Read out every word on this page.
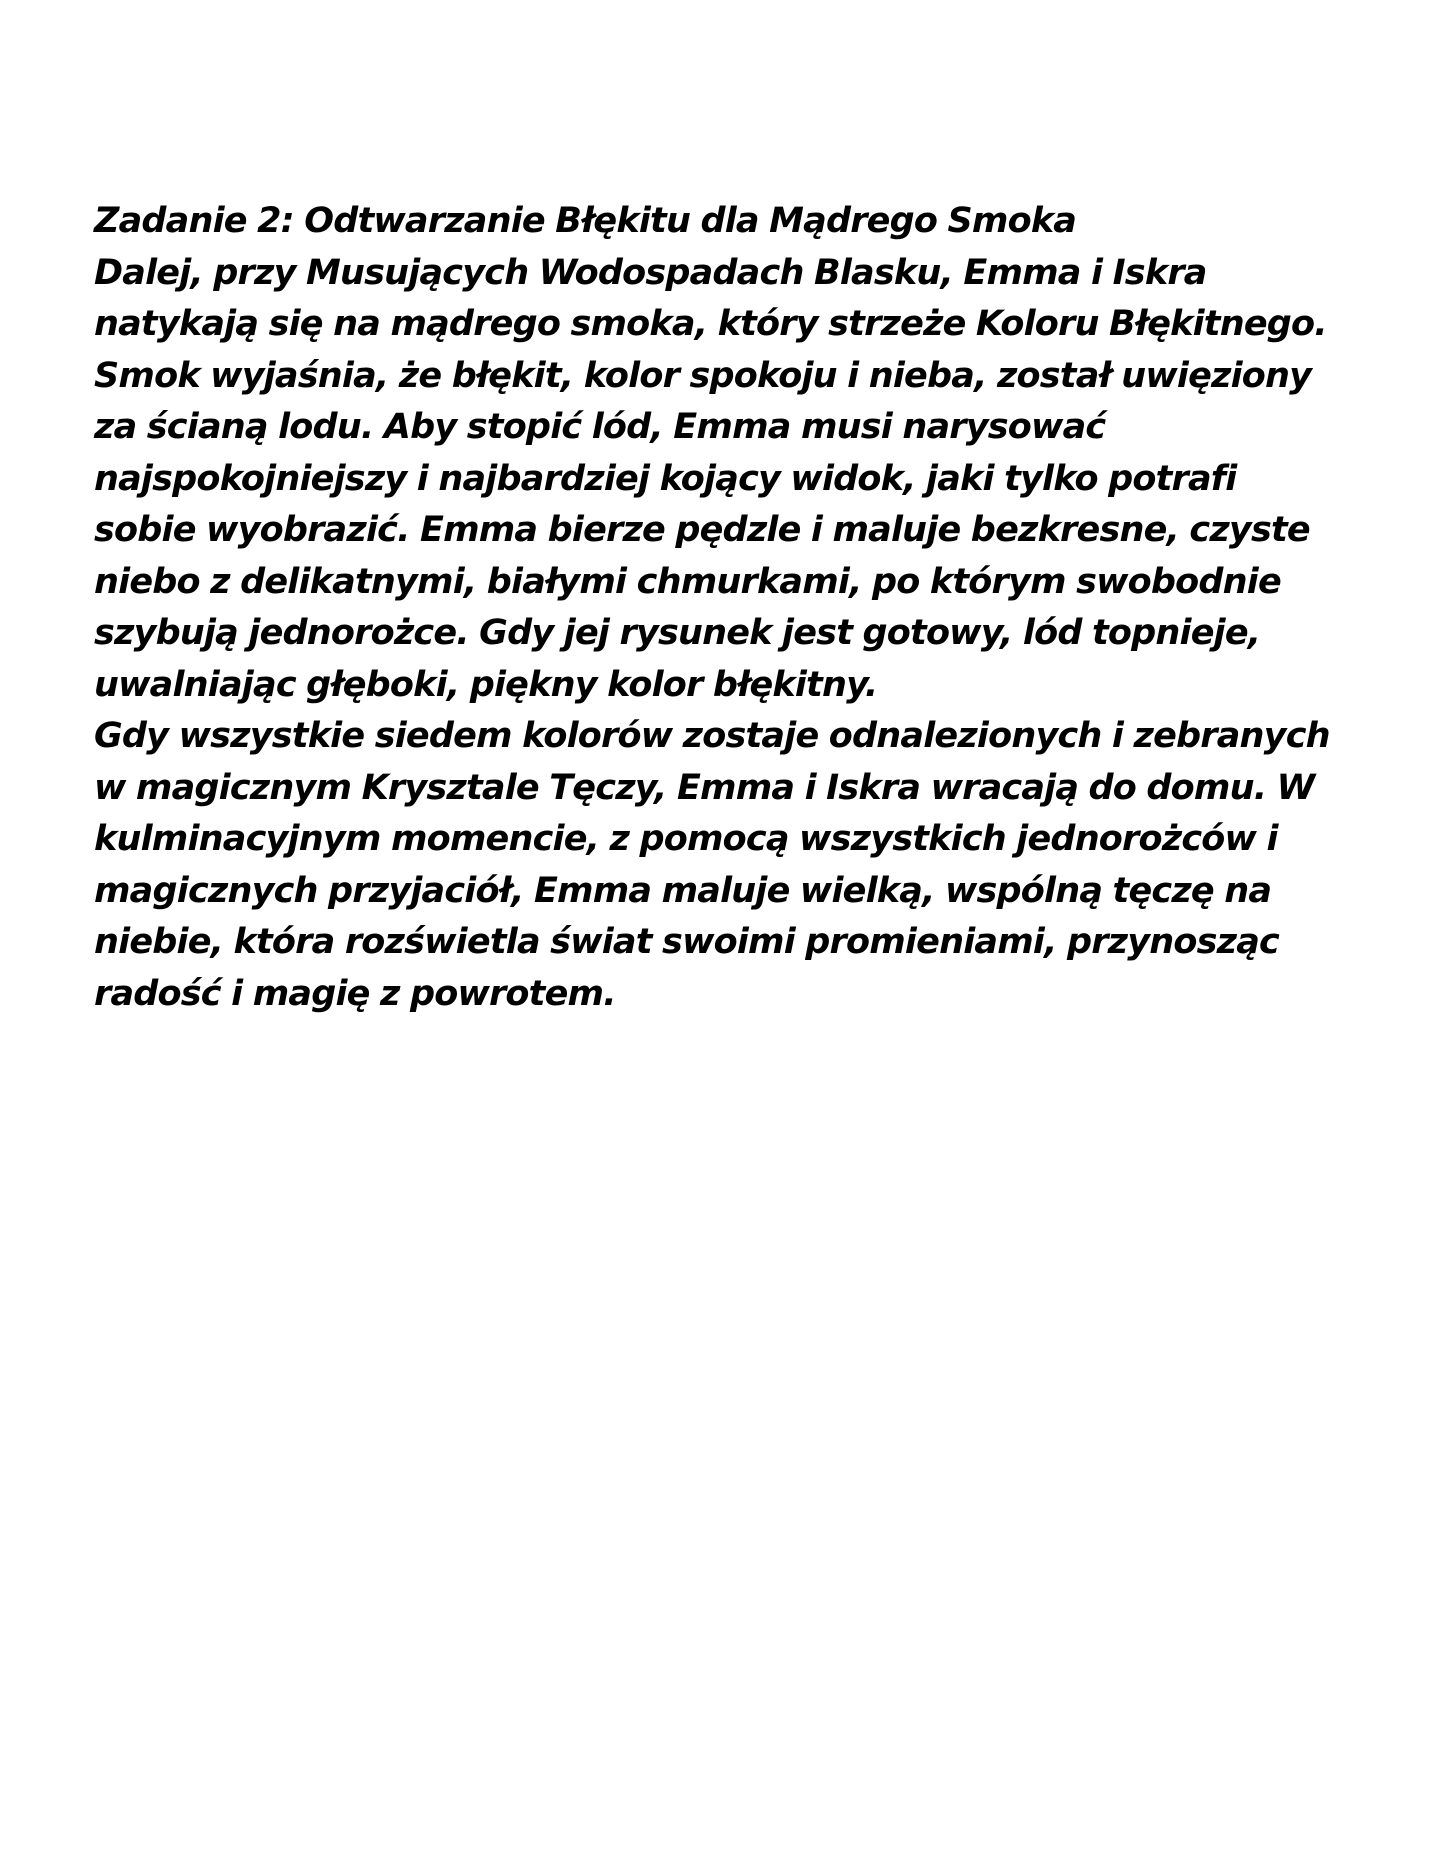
Zadanie 2: Odtwarzanie Błękitu dla Mądrego Smoka
Dalej, przy Musujących Wodospadach Blasku, Emma i Iskra
natykają się na mądrego smoka, który strzeże Koloru Błękitnego.
Smok wyjaśnia, że błękit, kolor spokoju i nieba, został uwięziony
za ścianą lodu. Aby stopić lód, Emma musi narysować
najspokojniejszy i najbardziej kojący widok, jaki tylko potrafi
sobie wyobrazić. Emma bierze pędzle i maluje bezkresne, czyste
niebo z delikatnymi, białymi chmurkami, po którym swobodnie
szybują jednorożce. Gdy jej rysunek jest gotowy, lód topnieje,
uwalniając głęboki, piękny kolor błękitny.
Gdy wszystkie siedem kolorów zostaje odnalezionych i zebranych
w magicznym Krysztale Tęczy, Emma i Iskra wracają do domu. W
kulminacyjnym momencie, z pomocą wszystkich jednorożców i
magicznych przyjaciół, Emma maluje wielką, wspólną tęczę na
niebie, która rozświetla świat swoimi promieniami, przynosząc
radość i magię z powrotem.
